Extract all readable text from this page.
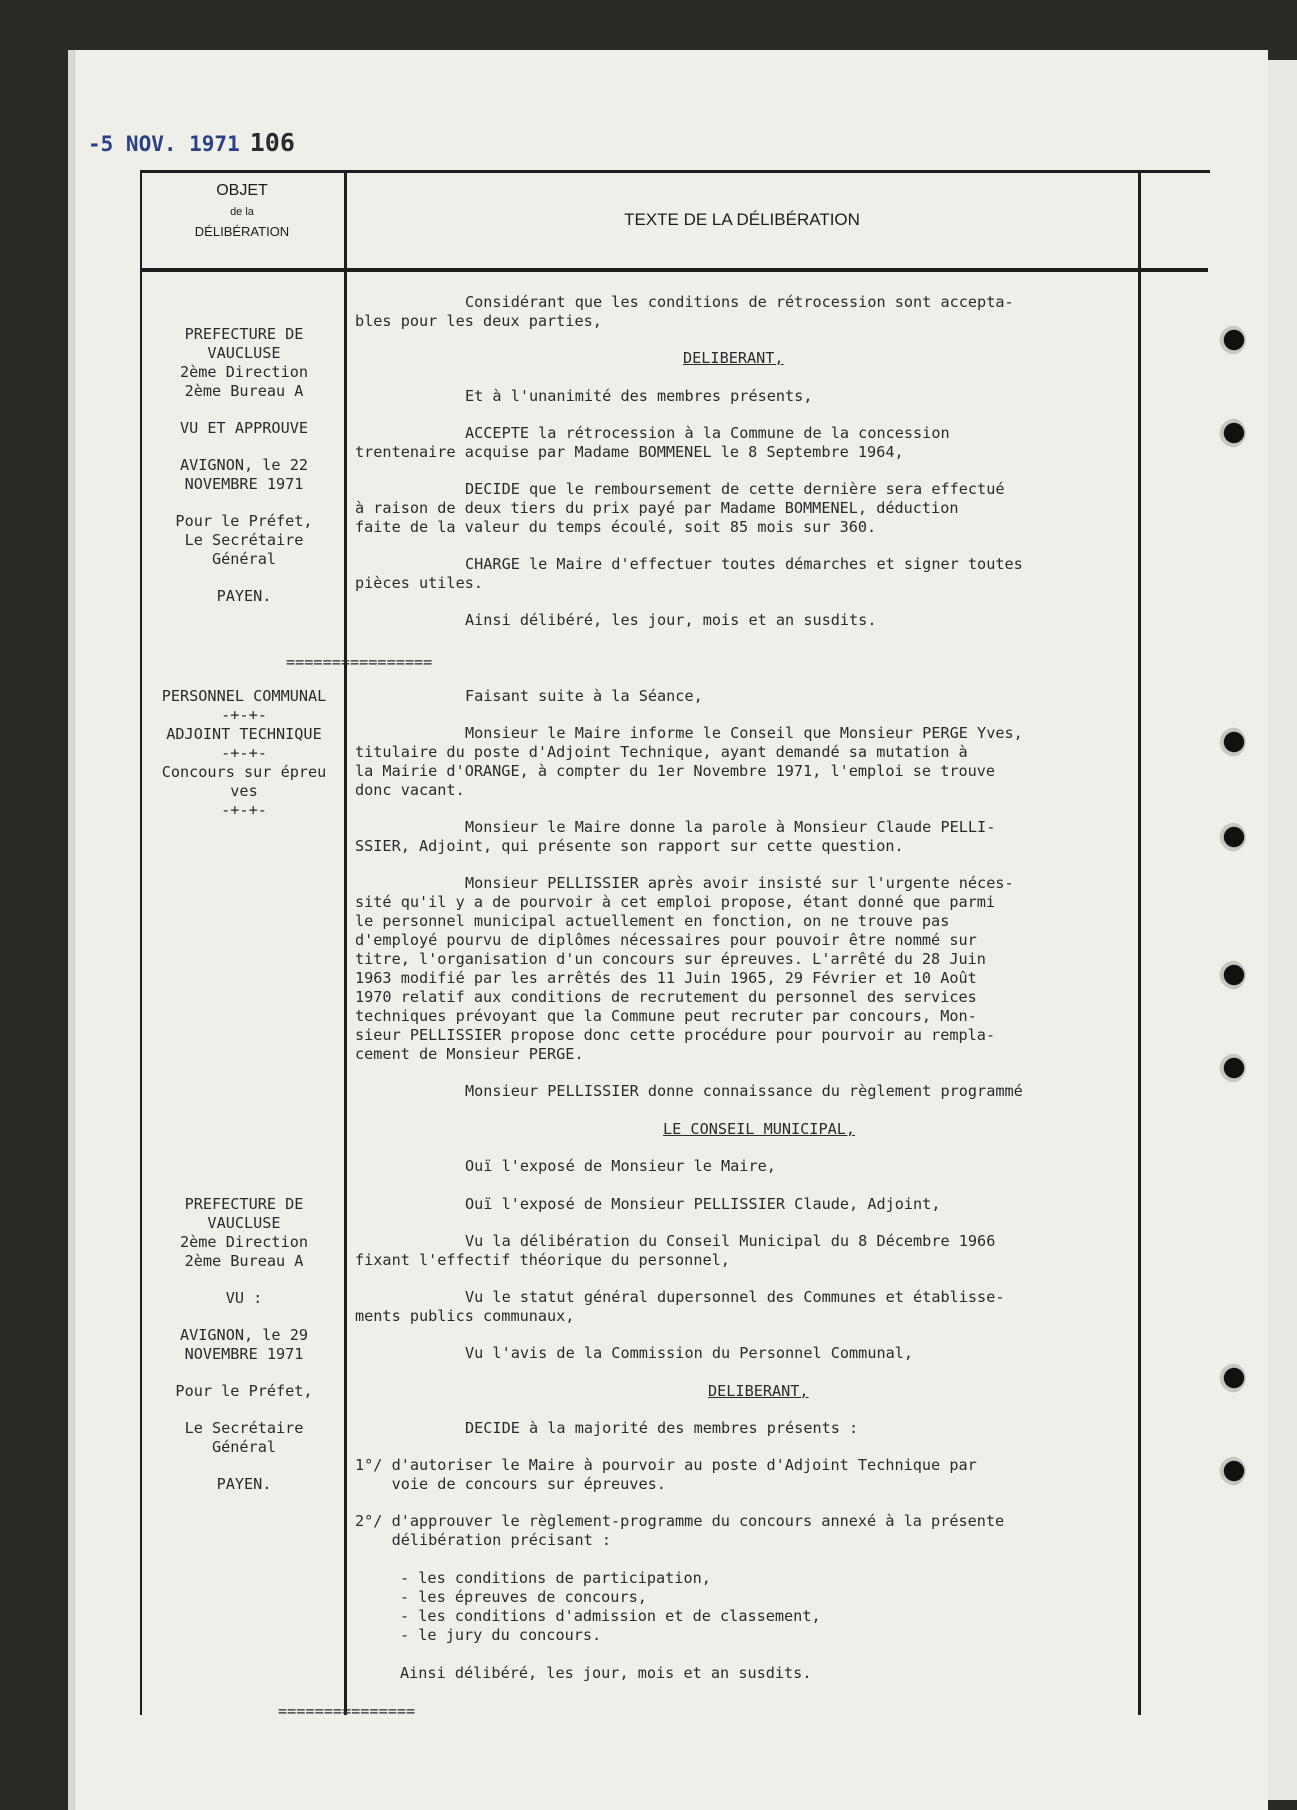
-5 NOV. 1971 106
OBJET
de la
DÉLIBÉRATION
TEXTE DE LA DÉLIBÉRATION
PREFECTURE DE
VAUCLUSE
2ème Direction
2ème Bureau A
VU ET APPROUVE
AVIGNON, le 22
NOVEMBRE 1971
Pour le Préfet,
Le Secrétaire
Général
PAYEN.
================
PERSONNEL COMMUNAL
-+-+-
ADJOINT TECHNIQUE
-+-+-
Concours sur épreu
ves
-+-+-
PREFECTURE DE
VAUCLUSE
2ème Direction
2ème Bureau A
VU :
AVIGNON, le 29
NOVEMBRE 1971
Pour le Préfet,
Le Secrétaire
Général
PAYEN.
Considérant que les conditions de rétrocession sont accepta-
bles pour les deux parties,
DELIBERANT,
Et à l'unanimité des membres présents,
ACCEPTE la rétrocession à la Commune de la concession
trentenaire acquise par Madame BOMMENEL le 8 Septembre 1964,
DECIDE que le remboursement de cette dernière sera effectué
à raison de deux tiers du prix payé par Madame BOMMENEL, déduction
faite de la valeur du temps écoulé, soit 85 mois sur 360.
CHARGE le Maire d'effectuer toutes démarches et signer toutes
pièces utiles.
Ainsi délibéré, les jour, mois et an susdits.
Faisant suite à la Séance,
Monsieur le Maire informe le Conseil que Monsieur PERGE Yves,
titulaire du poste d'Adjoint Technique, ayant demandé sa mutation à
la Mairie d'ORANGE, à compter du 1er Novembre 1971, l'emploi se trouve
donc vacant.
Monsieur le Maire donne la parole à Monsieur Claude PELLI-
SSIER, Adjoint, qui présente son rapport sur cette question.
Monsieur PELLISSIER après avoir insisté sur l'urgente néces-
sité qu'il y a de pourvoir à cet emploi propose, étant donné que parmi
le personnel municipal actuellement en fonction, on ne trouve pas
d'employé pourvu de diplômes nécessaires pour pouvoir être nommé sur
titre, l'organisation d'un concours sur épreuves. L'arrêté du 28 Juin
1963 modifié par les arrêtés des 11 Juin 1965, 29 Février et 10 Août
1970 relatif aux conditions de recrutement du personnel des services
techniques prévoyant que la Commune peut recruter par concours, Mon-
sieur PELLISSIER propose donc cette procédure pour pourvoir au rempla-
cement de Monsieur PERGE.
Monsieur PELLISSIER donne connaissance du règlement programmé
LE CONSEIL MUNICIPAL,
Ouï l'exposé de Monsieur le Maire,
Ouï l'exposé de Monsieur PELLISSIER Claude, Adjoint,
Vu la délibération du Conseil Municipal du 8 Décembre 1966
fixant l'effectif théorique du personnel,
Vu le statut général dupersonnel des Communes et établisse-
ments publics communaux,
Vu l'avis de la Commission du Personnel Communal,
DELIBERANT,
DECIDE à la majorité des membres présents :
1°/ d'autoriser le Maire à pourvoir au poste d'Adjoint Technique par
voie de concours sur épreuves.
2°/ d'approuver le règlement-programme du concours annexé à la présente
délibération précisant :
- les conditions de participation,
- les épreuves de concours,
- les conditions d'admission et de classement,
- le jury du concours.
Ainsi délibéré, les jour, mois et an susdits.
===============
